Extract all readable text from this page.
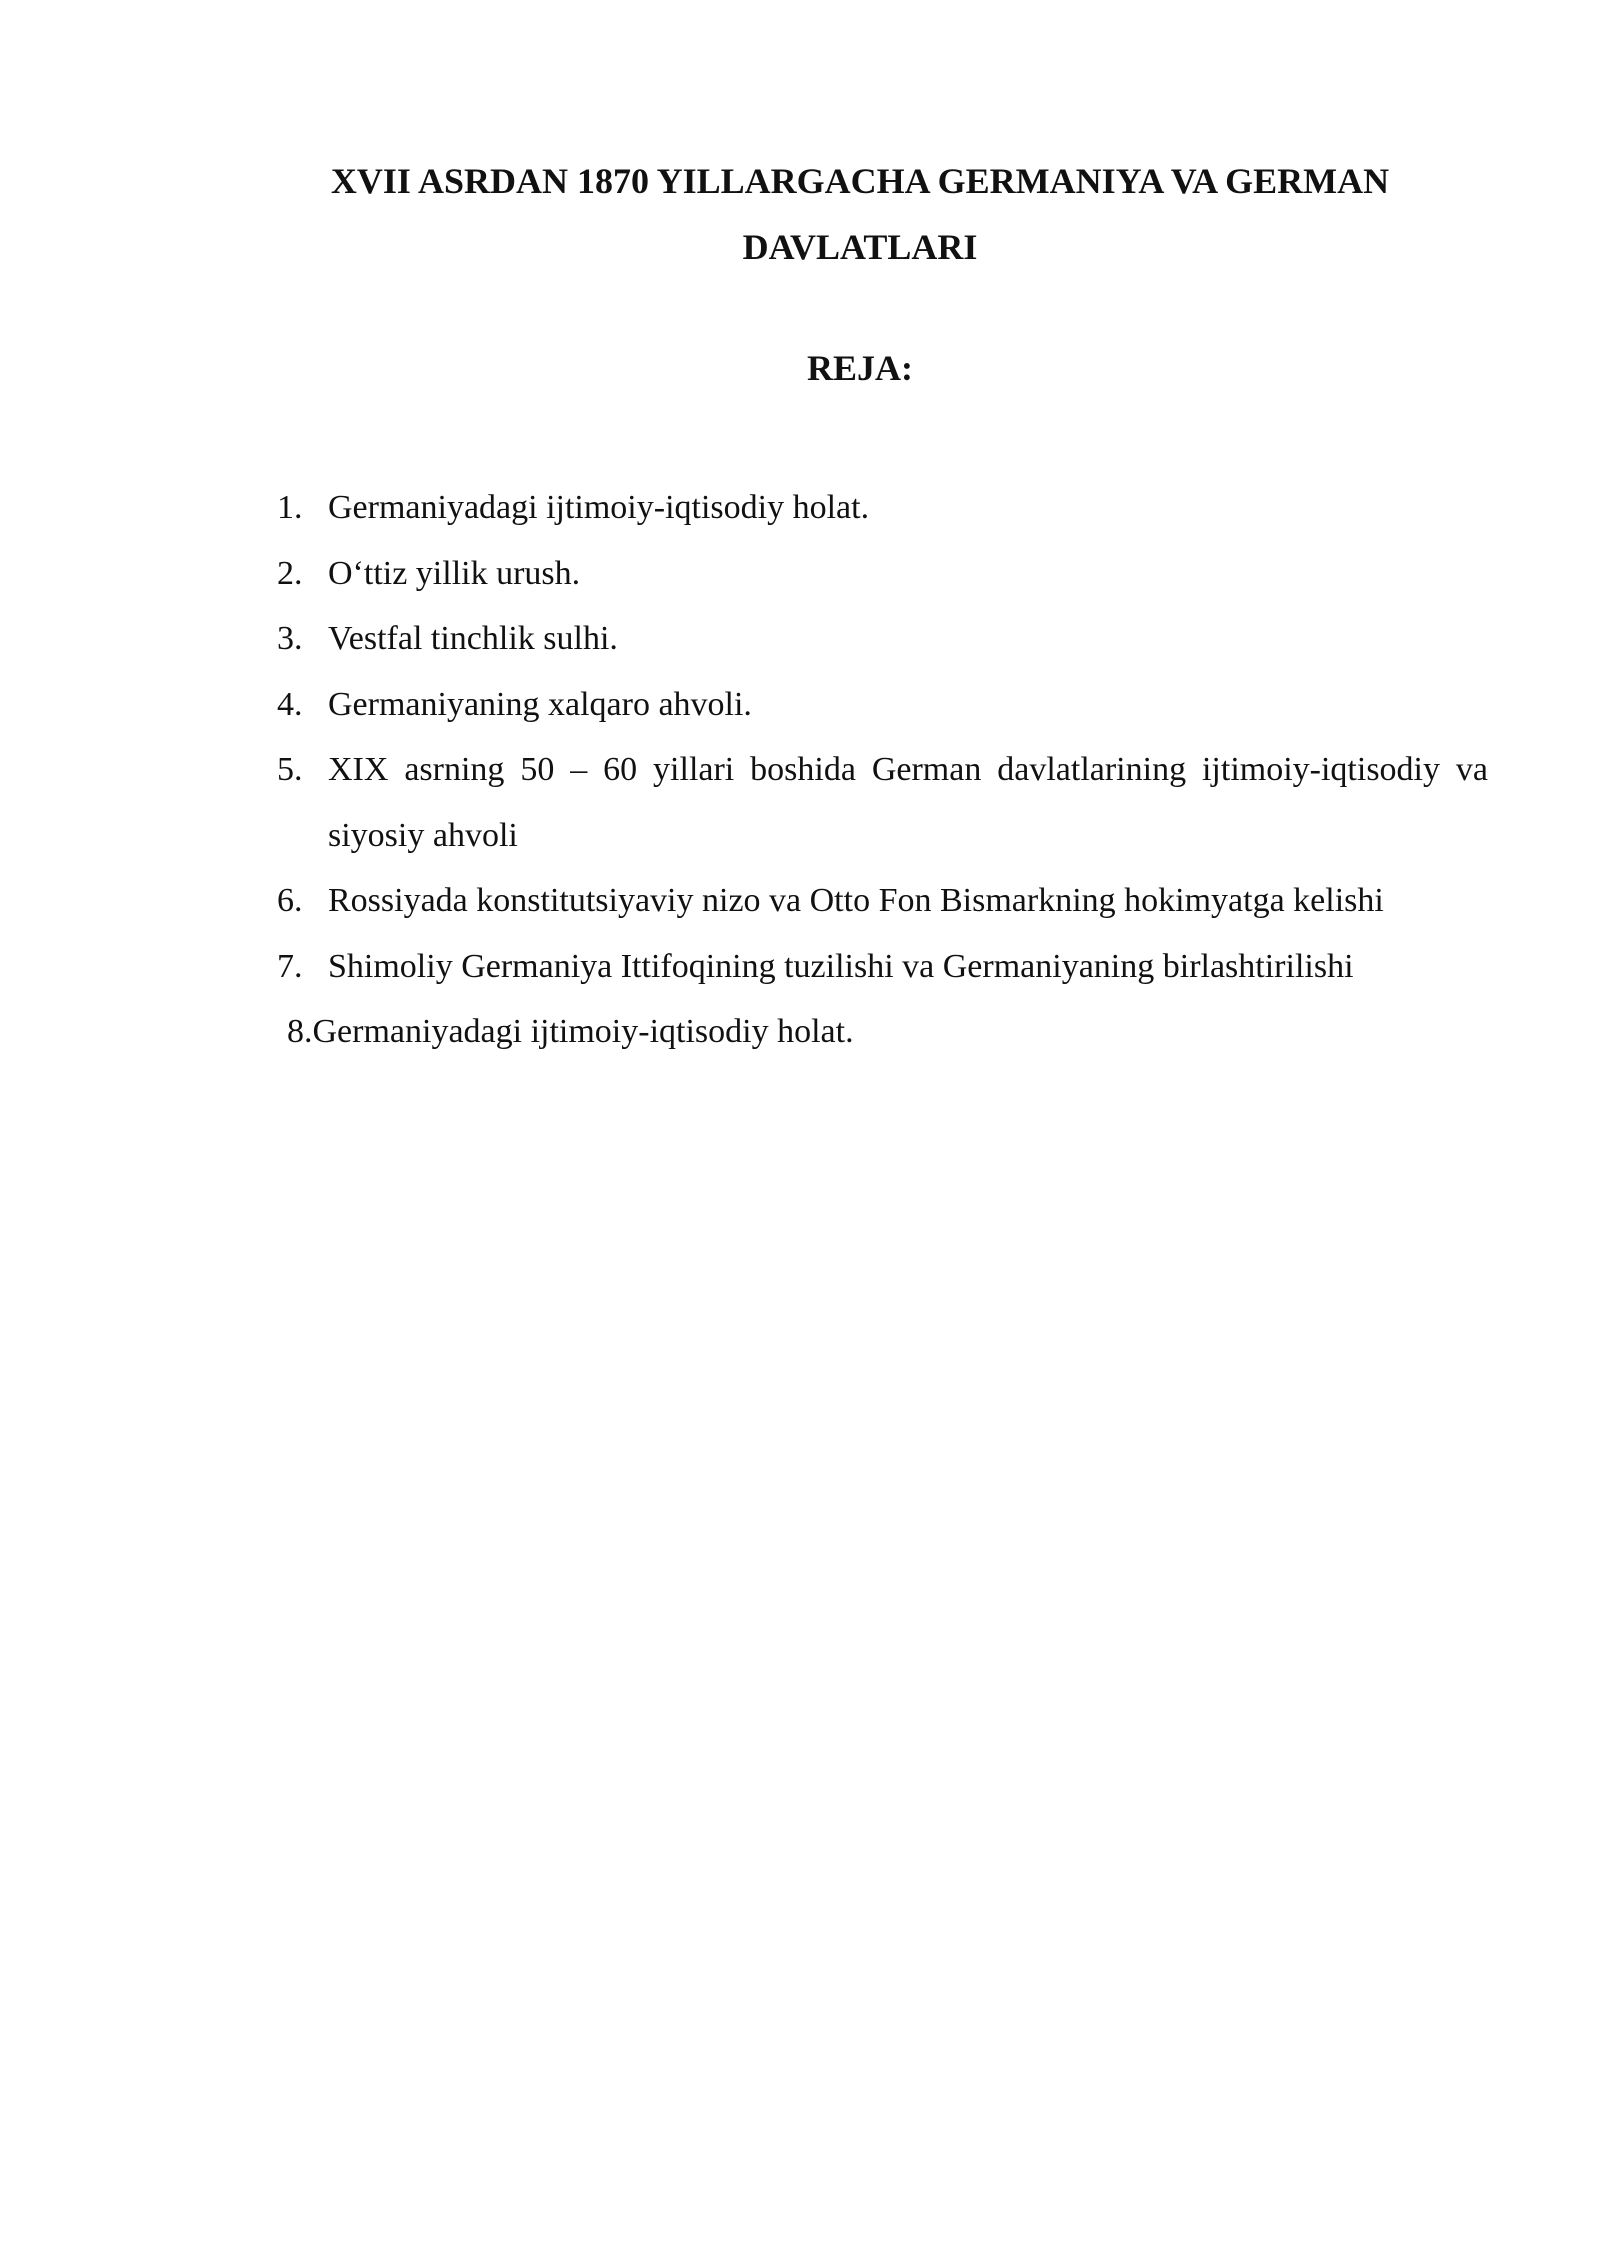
XVII ASRDAN 1870 YILLARGACHA GERMANIYA VA GERMAN DAVLATLARI
REJA:
1. Germaniyadagi ijtimoiy-iqtisodiy holat.
2. O‘ttiz yillik urush.
3. Vestfal tinchlik sulhi.
4. Germaniyaning xalqaro ahvoli.
5. XIX asrning 50 – 60 yillari boshida German davlatlarining ijtimoiy-iqtisodiy va siyosiy ahvoli
6. Rossiyada konstitutsiyaviy nizo va Otto Fon Bismarkning hokimyatga kelishi
7. Shimoliy Germaniya Ittifoqining tuzilishi va Germaniyaning birlashtirilishi
8.Germaniyadagi ijtimoiy-iqtisodiy holat.
